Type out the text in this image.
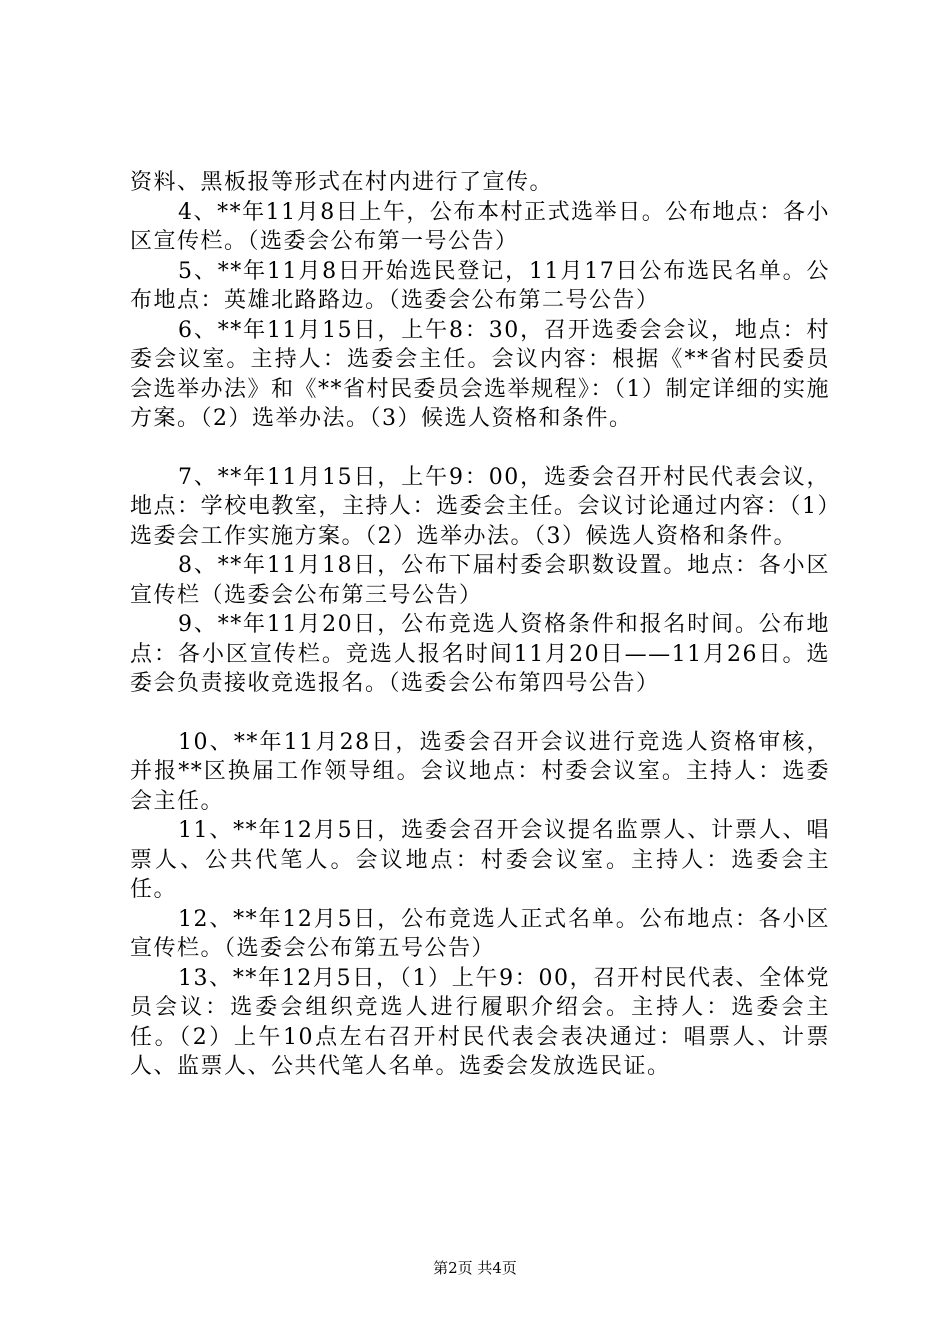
资料、黑板报等形式在村内进行了宣传。

4、**年11月8日上午，公布本村正式选举日。公布地点：各小区宣传栏。（选委会公布第一号公告）

5、**年11月8日开始选民登记，11月17日公布选民名单。公布地点：英雄北路路边。（选委会公布第二号公告）

6、**年11月15日，上午8：30，召开选委会会议，地点：村委会议室。主持人：选委会主任。会议内容：根据《**省村民委员会选举办法》和《**省村民委员会选举规程》：（1）制定详细的实施方案。（2）选举办法。（3）候选人资格和条件。

7、**年11月15日，上午9：00，选委会召开村民代表会议，地点：学校电教室，主持人：选委会主任。会议讨论通过内容：（1）选委会工作实施方案。（2）选举办法。（3）候选人资格和条件。

8、**年11月18日，公布下届村委会职数设置。地点：各小区宣传栏（选委会公布第三号公告）

9、**年11月20日，公布竞选人资格条件和报名时间。公布地点：各小区宣传栏。竞选人报名时间11月20日——11月26日。选委会负责接收竞选报名。（选委会公布第四号公告）

10、**年11月28日，选委会召开会议进行竞选人资格审核，并报**区换届工作领导组。会议地点：村委会议室。主持人：选委会主任。

11、**年12月5日，选委会召开会议提名监票人、计票人、唱票人、公共代笔人。会议地点：村委会议室。主持人：选委会主任。

12、**年12月5日，公布竞选人正式名单。公布地点：各小区宣传栏。（选委会公布第五号公告）

13、**年12月5日，（1）上午9：00，召开村民代表、全体党员会议：选委会组织竞选人进行履职介绍会。主持人：选委会主任。（2）上午10点左右召开村民代表会表决通过：唱票人、计票人、监票人、公共代笔人名单。选委会发放选民证。

第2页 共4页
